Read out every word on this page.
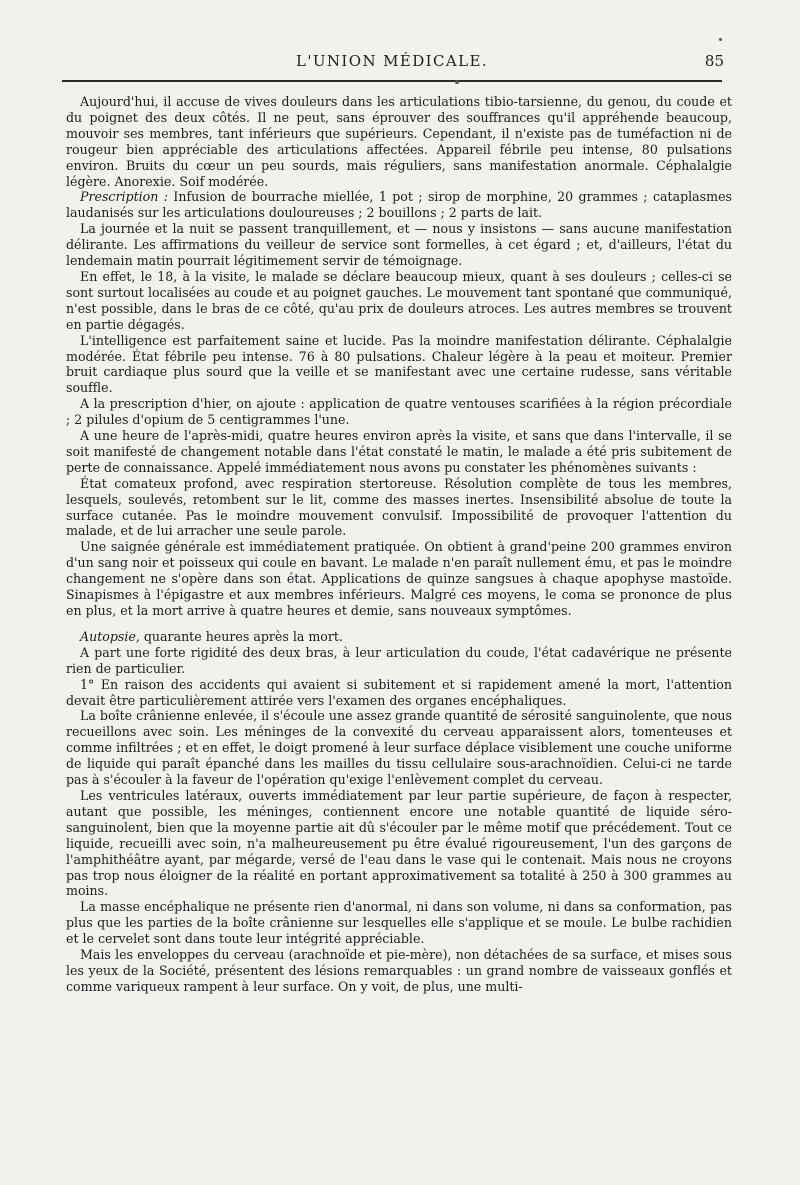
L'UNION MÉDICALE.	85

Aujourd'hui, il accuse de vives douleurs dans les articulations tibio-tarsienne, du genou, du coude et du poignet des deux côtés. Il ne peut, sans éprouver des souffrances qu'il appréhende beaucoup, mouvoir ses membres, tant inférieurs que supérieurs. Cependant, il n'existe pas de tuméfaction ni de rougeur bien appréciable des articulations affectées. Appareil fébrile peu intense, 80 pulsations environ. Bruits du cœur un peu sourds, mais réguliers, sans manifestation anormale. Céphalalgie légère. Anorexie. Soif modérée.

Prescription : Infusion de bourrache miellée, 1 pot ; sirop de morphine, 20 grammes ; cataplasmes laudanisés sur les articulations douloureuses ; 2 bouillons ; 2 parts de lait.

La journée et la nuit se passent tranquillement, et — nous y insistons — sans aucune manifestation délirante. Les affirmations du veilleur de service sont formelles, à cet égard ; et, d'ailleurs, l'état du lendemain matin pourrait légitimement servir de témoignage.

En effet, le 18, à la visite, le malade se déclare beaucoup mieux, quant à ses douleurs ; celles-ci se sont surtout localisées au coude et au poignet gauches. Le mouvement tant spontané que communiqué, n'est possible, dans le bras de ce côté, qu'au prix de douleurs atroces. Les autres membres se trouvent en partie dégagés.

L'intelligence est parfaitement saine et lucide. Pas la moindre manifestation délirante. Céphalalgie modérée. État fébrile peu intense. 76 à 80 pulsations. Chaleur légère à la peau et moiteur. Premier bruit cardiaque plus sourd que la veille et se manifestant avec une certaine rudesse, sans véritable souffle.

A la prescription d'hier, on ajoute : application de quatre ventouses scarifiées à la région précordiale ; 2 pilules d'opium de 5 centigrammes l'une.

A une heure de l'après-midi, quatre heures environ après la visite, et sans que dans l'intervalle, il se soit manifesté de changement notable dans l'état constaté le matin, le malade a été pris subitement de perte de connaissance. Appelé immédiatement nous avons pu constater les phénomènes suivants :

État comateux profond, avec respiration stertoreuse. Résolution complète de tous les membres, lesquels, soulevés, retombent sur le lit, comme des masses inertes. Insensibilité absolue de toute la surface cutanée. Pas le moindre mouvement convulsif. Impossibilité de provoquer l'attention du malade, et de lui arracher une seule parole.

Une saignée générale est immédiatement pratiquée. On obtient à grand'peine 200 grammes environ d'un sang noir et poisseux qui coule en bavant. Le malade n'en paraît nullement ému, et pas le moindre changement ne s'opère dans son état. Applications de quinze sangsues à chaque apophyse mastoïde. Sinapismes à l'épigastre et aux membres inférieurs. Malgré ces moyens, le coma se prononce de plus en plus, et la mort arrive à quatre heures et demie, sans nouveaux symptômes.

Autopsie, quarante heures après la mort.

A part une forte rigidité des deux bras, à leur articulation du coude, l'état cadavérique ne présente rien de particulier.

1° En raison des accidents qui avaient si subitement et si rapidement amené la mort, l'attention devait être particulièrement attirée vers l'examen des organes encéphaliques.

La boîte crânienne enlevée, il s'écoule une assez grande quantité de sérosité sanguinolente, que nous recueillons avec soin. Les méninges de la convexité du cerveau apparaissent alors, tomenteuses et comme infiltrées ; et en effet, le doigt promené à leur surface déplace visiblement une couche uniforme de liquide qui paraît épanché dans les mailles du tissu cellulaire sous-arachnoïdien. Celui-ci ne tarde pas à s'écouler à la faveur de l'opération qu'exige l'enlèvement complet du cerveau.

Les ventricules latéraux, ouverts immédiatement par leur partie supérieure, de façon à respecter, autant que possible, les méninges, contiennent encore une notable quantité de liquide séro-sanguinolent, bien que la moyenne partie ait dû s'écouler par le même motif que précédement. Tout ce liquide, recueilli avec soin, n'a malheureusement pu être évalué rigoureusement, l'un des garçons de l'amphithéâtre ayant, par mégarde, versé de l'eau dans le vase qui le contenait. Mais nous ne croyons pas trop nous éloigner de la réalité en portant approximativement sa totalité à 250 à 300 grammes au moins.

La masse encéphalique ne présente rien d'anormal, ni dans son volume, ni dans sa conformation, pas plus que les parties de la boîte crânienne sur lesquelles elle s'applique et se moule. Le bulbe rachidien et le cervelet sont dans toute leur intégrité appréciable.

Mais les enveloppes du cerveau (arachnoïde et pie-mère), non détachées de sa surface, et mises sous les yeux de la Société, présentent des lésions remarquables : un grand nombre de vaisseaux gonflés et comme variqueux rampent à leur surface. On y voit, de plus, une multi-
